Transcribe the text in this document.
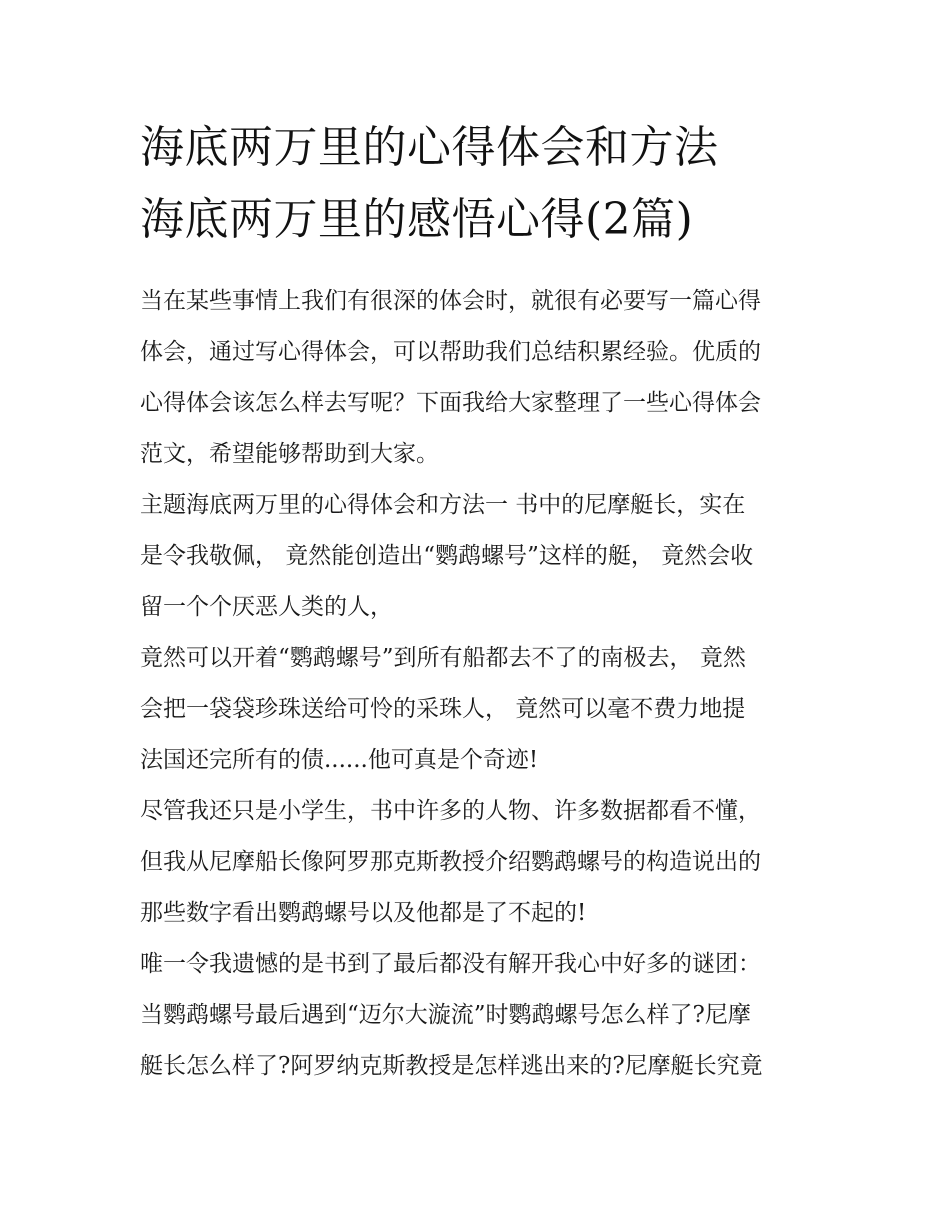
海底两万里的心得体会和方法
海底两万里的感悟心得(2篇)
当在某些事情上我们有很深的体会时，就很有必要写一篇心得
体会，通过写心得体会，可以帮助我们总结积累经验。优质的
心得体会该怎么样去写呢？下面我给大家整理了一些心得体会
范文，希望能够帮助到大家。
主题海底两万里的心得体会和方法一 书中的尼摩艇长，实在
是令我敬佩， 竟然能创造出“鹦鹉螺号”这样的艇， 竟然会收
留一个个厌恶人类的人，
竟然可以开着“鹦鹉螺号”到所有船都去不了的南极去， 竟然
会把一袋袋珍珠送给可怜的采珠人， 竟然可以毫不费力地提
法国还完所有的债......他可真是个奇迹!
尽管我还只是小学生，书中许多的人物、许多数据都看不懂，
但我从尼摩船长像阿罗那克斯教授介绍鹦鹉螺号的构造说出的
那些数字看出鹦鹉螺号以及他都是了不起的!
唯一令我遗憾的是书到了最后都没有解开我心中好多的谜团：
当鹦鹉螺号最后遇到“迈尔大漩流”时鹦鹉螺号怎么样了?尼摩
艇长怎么样了?阿罗纳克斯教授是怎样逃出来的?尼摩艇长究竟
